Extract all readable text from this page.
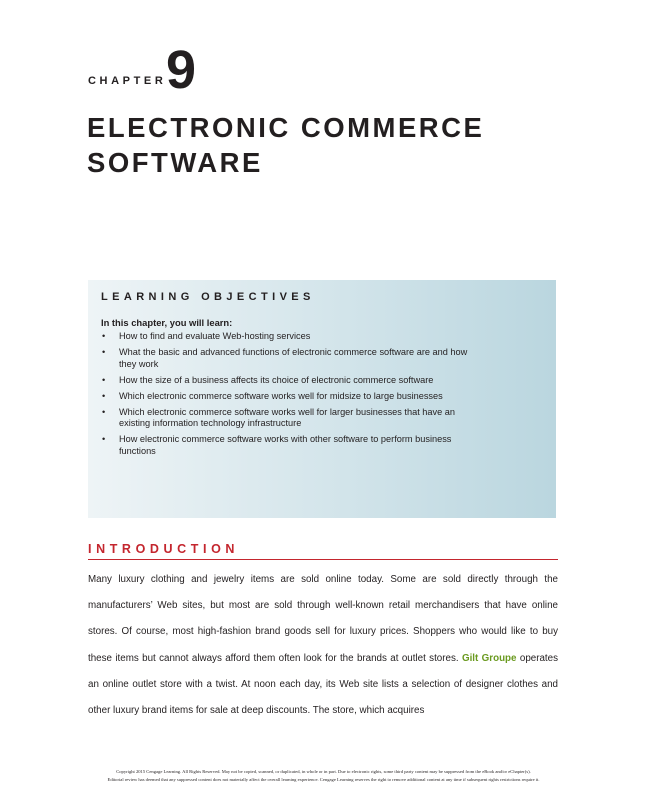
CHAPTER 9
ELECTRONIC COMMERCE
SOFTWARE
LEARNING OBJECTIVES

In this chapter, you will learn:

• How to find and evaluate Web-hosting services
• What the basic and advanced functions of electronic commerce software are and how they work
• How the size of a business affects its choice of electronic commerce software
• Which electronic commerce software works well for midsize to large businesses
• Which electronic commerce software works well for larger businesses that have an existing information technology infrastructure
• How electronic commerce software works with other software to perform business functions
INTRODUCTION

Many luxury clothing and jewelry items are sold online today. Some are sold directly through the manufacturers’ Web sites, but most are sold through well-known retail merchandisers that have online stores. Of course, most high-fashion brand goods sell for luxury prices. Shoppers who would like to buy these items but cannot always afford them often look for the brands at outlet stores. Gilt Groupe operates an online outlet store with a twist. At noon each day, its Web site lists a selection of designer clothes and other luxury brand items for sale at deep discounts. The store, which acquires

Copyright 2015 Cengage Learning. All Rights Reserved. May not be copied, scanned, or duplicated, in whole or in part. Due to electronic rights, some third party content may be suppressed from the eBook and/or eChapter(s).
Editorial review has deemed that any suppressed content does not materially affect the overall learning experience. Cengage Learning reserves the right to remove additional content at any time if subsequent rights restrictions require it.
